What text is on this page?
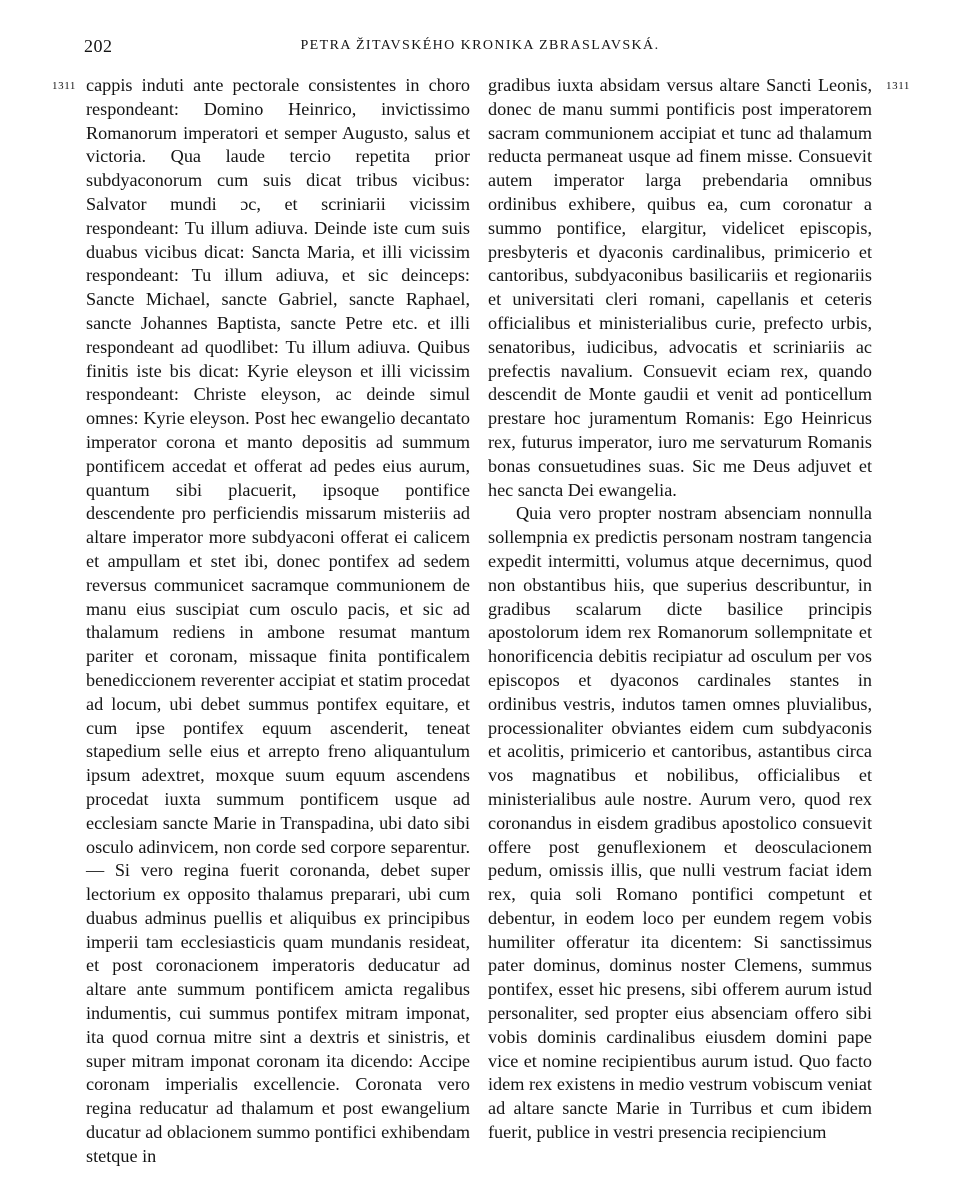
202	PETRA ŽITAVSKÉHO KRONIKA ZBRASLAVSKÁ.
1311	1311

cappis induti ante pectorale consistentes in choro respondeant: Domino Heinrico, invictissimo Romanorum imperatori et semper Augusto, salus et victoria. Qua laude tercio repetita prior subdyaconorum cum suis dicat tribus vicibus: Salvator mundi ɔc, et scriniarii vicissim respondeant: Tu illum adiuva. Deinde iste cum suis duabus vicibus dicat: Sancta Maria, et illi vicissim respondeant: Tu illum adiuva, et sic deinceps: Sancte Michael, sancte Gabriel, sancte Raphael, sancte Johannes Baptista, sancte Petre etc. et illi respondeant ad quodlibet: Tu illum adiuva. Quibus finitis iste bis dicat: Kyrie eleyson et illi vicissim respondeant: Christe eleyson, ac deinde simul omnes: Kyrie eleyson. Post hec ewangelio decantato imperator corona et manto depositis ad summum pontificem accedat et offerat ad pedes eius aurum, quantum sibi placuerit, ipsoque pontifice descendente pro perficiendis missarum misteriis ad altare imperator more subdyaconi offerat ei calicem et ampullam et stet ibi, donec pontifex ad sedem reversus communicet sacramque communionem de manu eius suscipiat cum osculo pacis, et sic ad thalamum rediens in ambone resumat mantum pariter et coronam, missaque finita pontificalem benediccionem reverenter accipiat et statim procedat ad locum, ubi debet summus pontifex equitare, et cum ipse pontifex equum ascenderit, teneat stapedium selle eius et arrepto freno aliquantulum ipsum adextret, moxque suum equum ascendens procedat iuxta summum pontificem usque ad ecclesiam sancte Marie in Transpadina, ubi dato sibi osculo adinvicem, non corde sed corpore separentur. — Si vero regina fuerit coronanda, debet super lectorium ex opposito thalamus preparari, ubi cum duabus adminus puellis et aliquibus ex principibus imperii tam ecclesiasticis quam mundanis resideat, et post coronacionem imperatoris deducatur ad altare ante summum pontificem amicta regalibus indumentis, cui summus pontifex mitram imponat, ita quod cornua mitre sint a dextris et sinistris, et super mitram imponat coronam ita dicendo: Accipe coronam imperialis excellencie. Coronata vero regina reducatur ad thalamum et post ewangelium ducatur ad oblacionem summo pontifici exhibendam stetque in

gradibus iuxta absidam versus altare Sancti Leonis, donec de manu summi pontificis post imperatorem sacram communionem accipiat et tunc ad thalamum reducta permaneat usque ad finem misse. Consuevit autem imperator larga prebendaria omnibus ordinibus exhibere, quibus ea, cum coronatur a summo pontifice, elargitur, videlicet episcopis, presbyteris et dyaconis cardinalibus, primicerio et cantoribus, subdyaconibus basilicariis et regionariis et universitati cleri romani, capellanis et ceteris officialibus et ministerialibus curie, prefecto urbis, senatoribus, iudicibus, advocatis et scriniariis ac prefectis navalium. Consuevit eciam rex, quando descendit de Monte gaudii et venit ad ponticellum prestare hoc juramentum Romanis: Ego Heinricus rex, futurus imperator, iuro me servaturum Romanis bonas consuetudines suas. Sic me Deus adjuvet et hec sancta Dei ewangelia.

Quia vero propter nostram absenciam nonnulla sollempnia ex predictis personam nostram tangencia expedit intermitti, volumus atque decernimus, quod non obstantibus hiis, que superius describuntur, in gradibus scalarum dicte basilice principis apostolorum idem rex Romanorum sollempnitate et honorificencia debitis recipiatur ad osculum per vos episcopos et dyaconos cardinales stantes in ordinibus vestris, indutos tamen omnes pluvialibus, processionaliter obviantes eidem cum subdyaconis et acolitis, primicerio et cantoribus, astantibus circa vos magnatibus et nobilibus, officialibus et ministerialibus aule nostre. Aurum vero, quod rex coronandus in eisdem gradibus apostolico consuevit offere post genuflexionem et deosculacionem pedum, omissis illis, que nulli vestrum faciat idem rex, quia soli Romano pontifici competunt et debentur, in eodem loco per eundem regem vobis humiliter offeratur ita dicentem: Si sanctissimus pater dominus, dominus noster Clemens, summus pontifex, esset hic presens, sibi offerem aurum istud personaliter, sed propter eius absenciam offero sibi vobis dominis cardinalibus eiusdem domini pape vice et nomine recipientibus aurum istud. Quo facto idem rex existens in medio vestrum vobiscum veniat ad altare sancte Marie in Turribus et cum ibidem fuerit, publice in vestri presencia recipiencium
